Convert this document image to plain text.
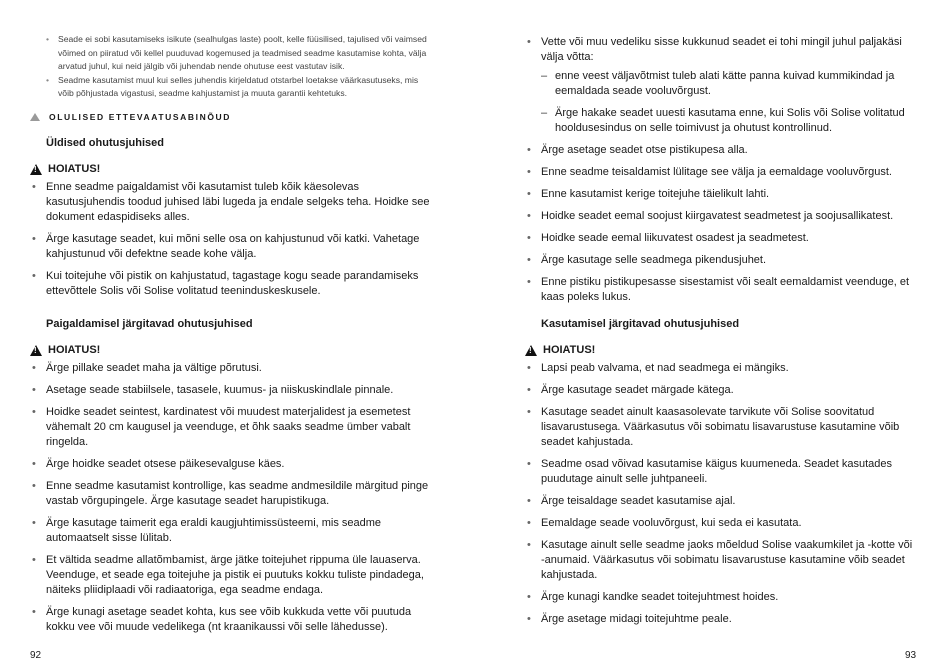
• Seade ei sobi kasutamiseks isikute (sealhulgas laste) poolt, kelle füüsilised, tajulised või vaimsed võimed on piiratud või kellel puuduvad kogemused ja teadmised seadme kasutamise kohta, välja arvatud juhul, kui neid jälgib või juhendab nende ohutuse eest vastutav isik.

• Seadme kasutamist muul kui selles juhendis kirjeldatud otstarbel loetakse väärkasutuseks, mis võib põhjustada vigastusi, seadme kahjustamist ja muuta garantii kehtetuks.

OLULISED ETTEVAATUSABINÕUD
Üldised ohutusjuhised
!
HOIATUS!
• Enne seadme paigaldamist või kasutamist tuleb kõik käesolevas kasutusjuhendis toodud juhised läbi lugeda ja endale selgeks teha. Hoidke see dokument edaspidiseks alles.
• Ärge kasutage seadet, kui mõni selle osa on kahjustunud või katki. Vahetage kahjustunud või defektne seade kohe välja.
• Kui toitejuhe või pistik on kahjustatud, tagastage kogu seade parandamiseks ettevõttele Solis või Solise volitatud teeninduskeskusele.
Paigaldamisel järgitavad ohutusjuhised
!
HOIATUS!
• Ärge pillake seadet maha ja vältige põrutusi.
• Asetage seade stabiilsele, tasasele, kuumus- ja niiskuskindlale pinnale.
• Hoidke seadet seintest, kardinatest või muudest materjalidest ja esemetest vähemalt 20 cm kaugusel ja veenduge, et õhk saaks seadme ümber vabalt ringelda.
• Ärge hoidke seadet otsese päikesevalguse käes.
• Enne seadme kasutamist kontrollige, kas seadme andmesildile märgitud pinge vastab võrgupingele. Ärge kasutage seadet harupistikuga.
• Ärge kasutage taimerit ega eraldi kaugjuhtimissüsteemi, mis seadme automaatselt sisse lülitab.
• Et vältida seadme allatõmbamist, ärge jätke toitejuhet rippuma üle lauaserva. Veenduge, et seade ega toitejuhe ja pistik ei puutuks kokku tuliste pindadega, näiteks pliidiplaadi või radiaatoriga, ega seadme endaga.
• Ärge kunagi asetage seadet kohta, kus see võib kukkuda vette või puutuda kokku vee või muude vedelikega (nt kraanikaussi või selle lähedusse).
92
• Vette või muu vedeliku sisse kukkunud seadet ei tohi mingil juhul paljakäsi välja võtta:
– enne veest väljavõtmist tuleb alati kätte panna kuivad kummikindad ja eemaldada seade vooluvõrgust.
– Ärge hakake seadet uuesti kasutama enne, kui Solis või Solise volitatud hooldusesindus on selle toimivust ja ohutust kontrollinud.
• Ärge asetage seadet otse pistikupesa alla.
• Enne seadme teisaldamist lülitage see välja ja eemaldage vooluvõrgust.
• Enne kasutamist kerige toitejuhe täielikult lahti.
• Hoidke seadet eemal soojust kiirgavatest seadmetest ja soojusallikatest.
• Hoidke seade eemal liikuvatest osadest ja seadmetest.
• Ärge kasutage selle seadmega pikendusjuhet.
• Enne pistiku pistikupesasse sisestamist või sealt eemaldamist veenduge, et kaas poleks lukus.
Kasutamisel järgitavad ohutusjuhised
!
HOIATUS!
• Lapsi peab valvama, et nad seadmega ei mängiks.
• Ärge kasutage seadet märgade kätega.
• Kasutage seadet ainult kaasasolevate tarvikute või Solise soovitatud lisavarustusega. Väärkasutus või sobimatu lisavarustuse kasutamine võib seadet kahjustada.
• Seadme osad võivad kasutamise käigus kuumeneda. Seadet kasutades puudutage ainult selle juhtpaneeli.
• Ärge teisaldage seadet kasutamise ajal.
• Eemaldage seade vooluvõrgust, kui seda ei kasutata.
• Kasutage ainult selle seadme jaoks mõeldud Solise vaakumkilet ja -kotte või -anumaid. Väärkasutus või sobimatu lisavarustuse kasutamine võib seadet kahjustada.
• Ärge kunagi kandke seadet toitejuhtmest hoides.
• Ärge asetage midagi toitejuhtme peale.
93
